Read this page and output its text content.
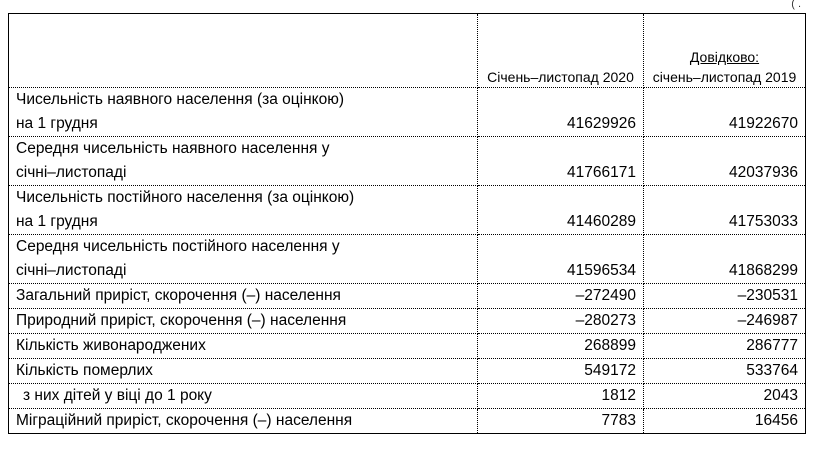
( .
	Січень–листопад 2020	Довідково:
січень–листопад 2019

Чисельність наявного населення (за оцінкою)
на 1 грудня	41629926	41922670

Середня чисельність наявного населення у
січні–листопаді	41766171	42037936

Чисельність постійного населення (за оцінкою)
на 1 грудня	41460289	41753033

Середня чисельність постійного населення у
січні–листопаді	41596534	41868299
Загальний приріст, скорочення (–) населення	–272490	–230531
Природний приріст, скорочення (–) населення	–280273	–246987
Кількість живонароджених	268899	286777
Кількість померлих	549172	533764
з них дітей у віці до 1 року	1812	2043
Міграційний приріст, скорочення (–) населення	7783	16456
